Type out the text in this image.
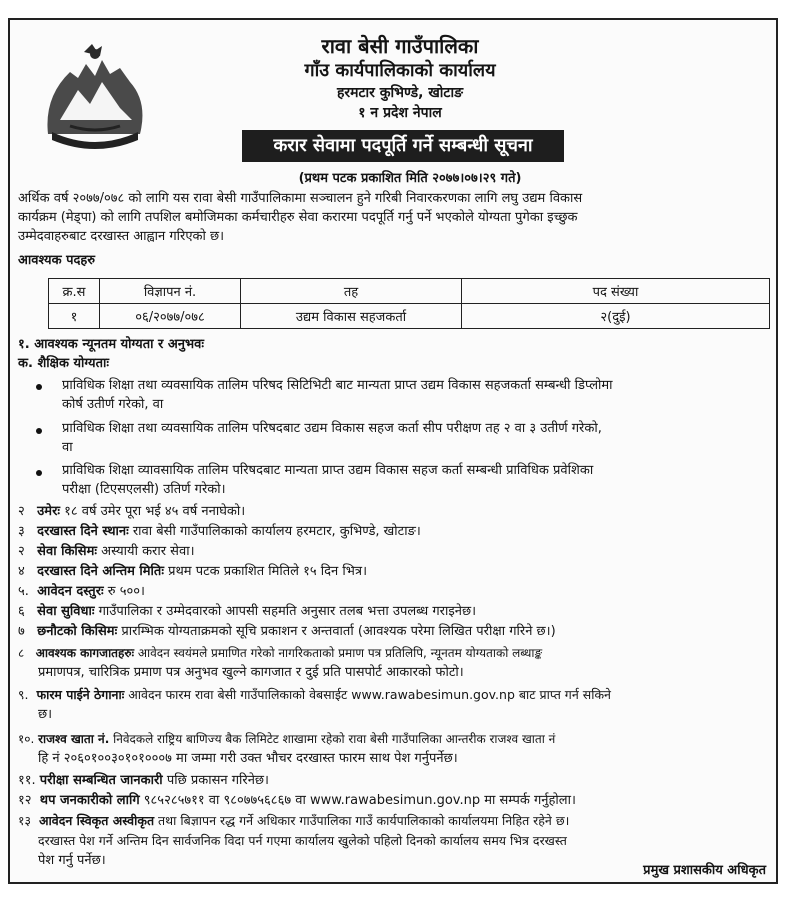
रावा बेसी गाउँपालिका
गाँउ कार्यपालिकाको कार्यालय
हरमटार कुभिण्डे, खोटाङ
१ न प्रदेश नेपाल
करार सेवामा पदपूर्ति गर्ने सम्बन्धी सूचना
(प्रथम पटक प्रकाशित मिति २०७७।०७।२९ गते)
अर्थिक वर्ष २०७७/०७८ को लागि यस रावा बेसी गाउँपालिकामा सञ्चालन हुने गरिबी निवारकरणका लागि लघु उद्यम विकास
कार्यक्रम (मेड्पा) को लागि तपशिल बमोजिमका कर्मचारीहरु सेवा करारमा पदपूर्ति गर्नु पर्ने भएकोले योग्यता पुगेका इच्छुक
उम्मेदवाहरुबाट दरखास्त आह्वान गरिएको छ।
आवश्यक पदहरु
क्र.स	विज्ञापन नं.	तह	पद संख्या
१	०६/२०७७/०७८	उद्यम विकास सहजकर्ता	२(दुई)
१. आवश्यक न्यूनतम योग्यता र अनुभवः
क. शैक्षिक योग्यताः
प्राविधिक शिक्षा तथा व्यवसायिक तालिम परिषद सिटिभिटी बाट मान्यता प्राप्त उद्यम विकास सहजकर्ता सम्बन्धी डिप्लोमा
कोर्ष उतीर्ण गरेको, वा
प्राविधिक शिक्षा तथा व्यवसायिक तालिम परिषदबाट उद्यम विकास सहज कर्ता सीप परीक्षण तह २ वा ३ उतीर्ण गरेको,
वा
प्राविधिक शिक्षा व्यावसायिक तालिम परिषदबाट मान्यता प्राप्त उद्यम विकास सहज कर्ता सम्बन्धी प्राविधिक प्रवेशिका
परीक्षा (टिएसएलसी) उतिर्ण गरेको।
२ उमेरः १८ वर्ष उमेर पूरा भई ४५ वर्ष ननाघेको।
३ दरखास्त दिने स्थानः रावा बेसी गाउँपालिकाको कार्यालय हरमटार, कुभिण्डे, खोटाङ।
२ सेवा किसिमः अस्यायी करार सेवा।
४ दरखास्त दिने अन्तिम मितिः प्रथम पटक प्रकाशित मितिले १५ दिन भित्र।
५. आवेदन दस्तुरः रु ५००।
६ सेवा सुविधाः गाउँपालिका र उम्मेदवारको आपसी सहमति अनुसार तलब भत्ता उपलब्ध गराइनेछ।
७ छनौटको किसिमः प्रारम्भिक योग्यताक्रमको सूचि प्रकाशन र अन्तवार्ता (आवश्यक परेमा लिखित परीक्षा गरिने छ।)
८ आवश्यक कागजातहरुः आवेदन स्वयंमले प्रमाणित गरेको नागरिकताको प्रमाण पत्र प्रतिलिपि, न्यूनतम योग्यताको लब्धाङ्क
प्रमाणपत्र, चारित्रिक प्रमाण पत्र अनुभव खुल्ने कागजात र दुई प्रति पासपोर्ट आकारको फोटो।
९. फारम पाईने ठेगानाः आवेदन फारम रावा बेसी गाउँपालिकाको वेबसाईट www.rawabesimun.gov.np बाट प्राप्त गर्न सकिने
छ।
१०. राजश्व खाता नं. निवेदकले राष्ट्रिय बाणिज्य बैक लिमिटेट शाखामा रहेको रावा बेसी गाउँपालिका आन्तरीक राजश्व खाता नं
हि नं २०६०१००३०१०१०००७ मा जम्मा गरी उक्त भौचर दरखास्त फारम साथ पेश गर्नुपर्नेछ।
११. परीक्षा सम्बन्धित जानकारी पछि प्रकासन गरिनेछ।
१२ थप जनकारीको लागि ९८५२८५७११ वा ९८०७७५६८६७ वा www.rawabesimun.gov.np मा सम्पर्क गर्नुहोला।
१३ आवेदन स्विकृत अस्वीकृत तथा बिज्ञापन रद्ध गर्ने अधिकार गाउँपालिका गाउँ कार्यपालिकाको कार्यालयमा निहित रहेने छ।
दरखास्त पेश गर्ने अन्तिम दिन सार्वजनिक विदा पर्न गएमा कार्यालय खुलेको पहिलो दिनको कार्यालय समय भित्र दरखस्त
पेश गर्नु पर्नेछ।
प्रमुख प्रशासकीय अधिकृत
